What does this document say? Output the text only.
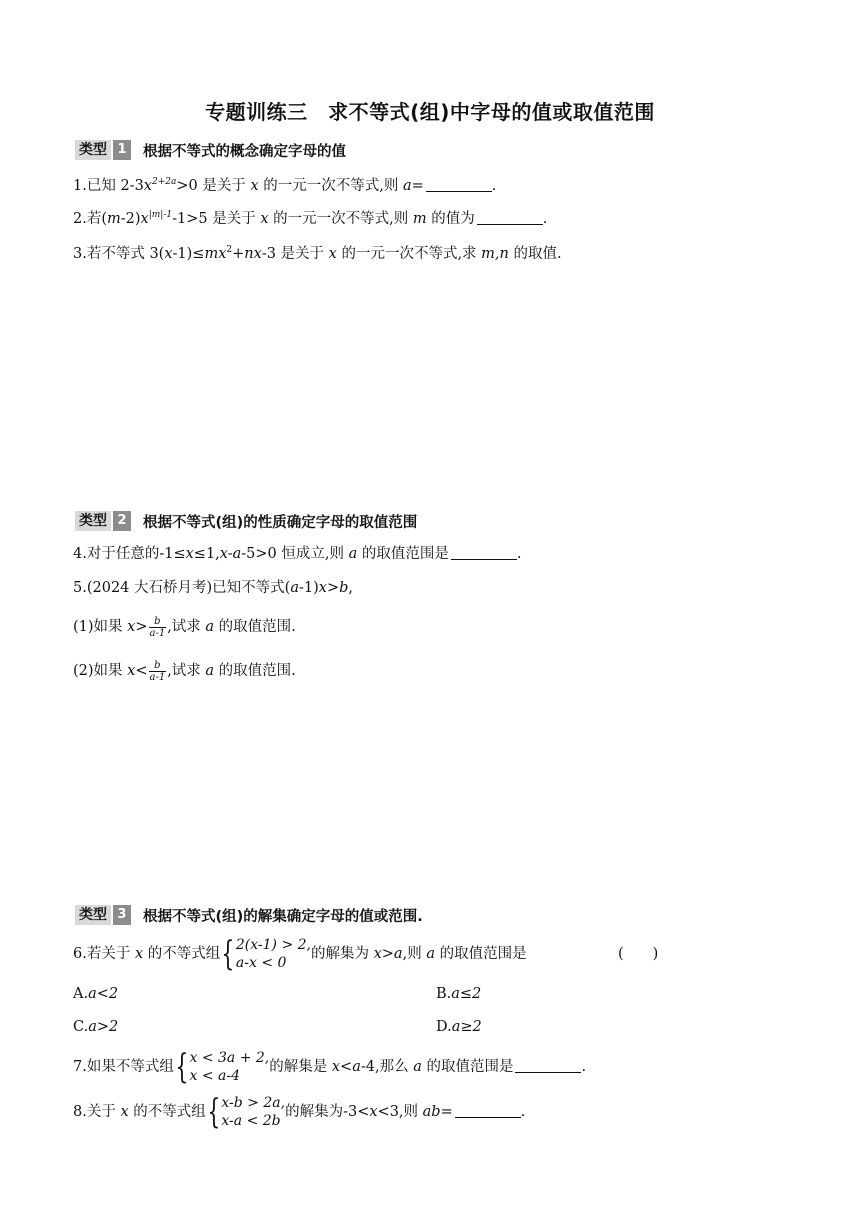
专题训练三　求不等式(组)中字母的值或取值范围
类型 1	根据不等式的概念确定字母的值
1.已知 $2-3x^{2+2a}>0$ 是关于 x 的一元一次不等式,则 a=	.
2.若$(m-2)x^{|m|-1}-1>5$ 是关于 x 的一元一次不等式,则 m 的值为	.
3.若不等式 $3(x-1)\le mx^2+nx-3$ 是关于 x 的一元一次不等式,求 m,n 的取值.
类型 2	根据不等式(组)的性质确定字母的取值范围
4.对于任意的-1≤x≤1,x-a-5>0 恒成立,则 a 的取值范围是	.
5.(2024 大石桥月考)已知不等式(a-1)x>b,
(1)如果 $x> \frac{b}{a-1}$ ,试求 a 的取值范围.
(2)如果 $x< \frac{b}{a-1}$ ,试求 a 的取值范围.
类型 3	根据不等式(组)的解集确定字母的值或范围.
6.若关于 x 的不等式组 { 2(x-1) > 2,
a-x < 0
的解集为 x>a,则 a 的取值范围是	(　　)
A.a<2	B.a≤2
C.a>2	D.a≥2
7.如果不等式组 { x < 3a + 2,
x < a-4
的解集是 x<a-4,那么 a 的取值范围是	.
8.关于 x 的不等式组 { x-b > 2a,
x-a < 2b
的解集为-3<x<3,则 ab=	.
